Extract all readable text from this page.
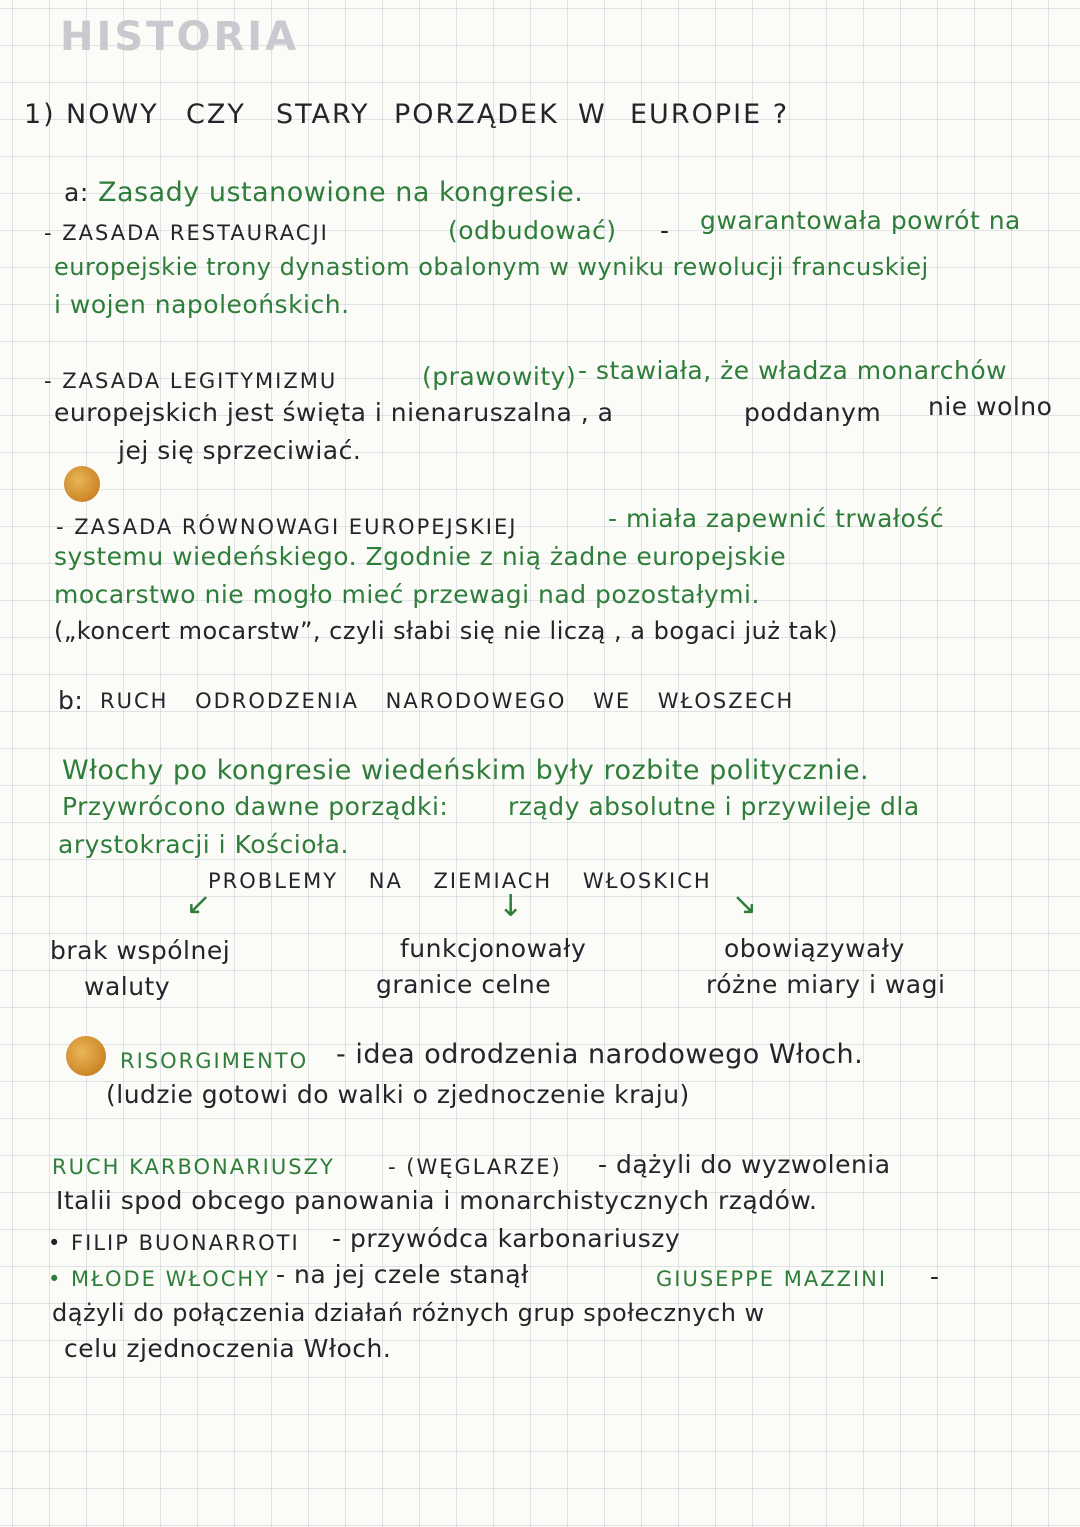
HISTORIA
1) NOWY CZY STARY PORZĄDEK W EUROPIE ?
a: Zasady ustanowione na kongresie.
- ZASADA RESTAURACJI	(odbudować) - gwarantowała powrót na
europejskie trony dynastiom obalonym w wyniku rewolucji francuskiej
i wojen napoleońskich.
- ZASADA LEGITYMIZMU	(prawowity) - stawiała, że władza monarchów
europejskich jest święta i nienaruszalna , a	poddanym nie wolno
jej się sprzeciwiać.
- ZASADA RÓWNOWAGI EUROPEJSKIEJ	- miała zapewnić trwałość
systemu wiedeńskiego. Zgodnie z nią żadne europejskie
mocarstwo nie mogło mieć przewagi nad pozostałymi.
(„koncert mocarstw”, czyli słabi się nie liczą , a bogaci już tak)
b: RUCH ODRODZENIA NARODOWEGO WE WŁOSZECH
Włochy po kongresie wiedeńskim były rozbite politycznie.
Przywrócono dawne porządki: rządy absolutne i przywileje dla
arystokracji i Kościoła.
PROBLEMY NA ZIEMIACH WŁOSKICH
↙	↓	↘
brak wspólnej
waluty
funkcjonowały
granice celne
obowiązywały
różne miary i wagi
RISORGIMENTO - idea odrodzenia narodowego Włoch.
(ludzie gotowi do walki o zjednoczenie kraju)
RUCH KARBONARIUSZY	- (WĘGLARZE) - dążyli do wyzwolenia
Italii spod obcego panowania i monarchistycznych rządów.
• FILIP BUONARROTI - przywódca karbonariuszy
• MŁODE WŁOCHY - na jej czele stanął	GIUSEPPE MAZZINI -
dążyli do połączenia działań różnych grup społecznych w
celu zjednoczenia Włoch.
